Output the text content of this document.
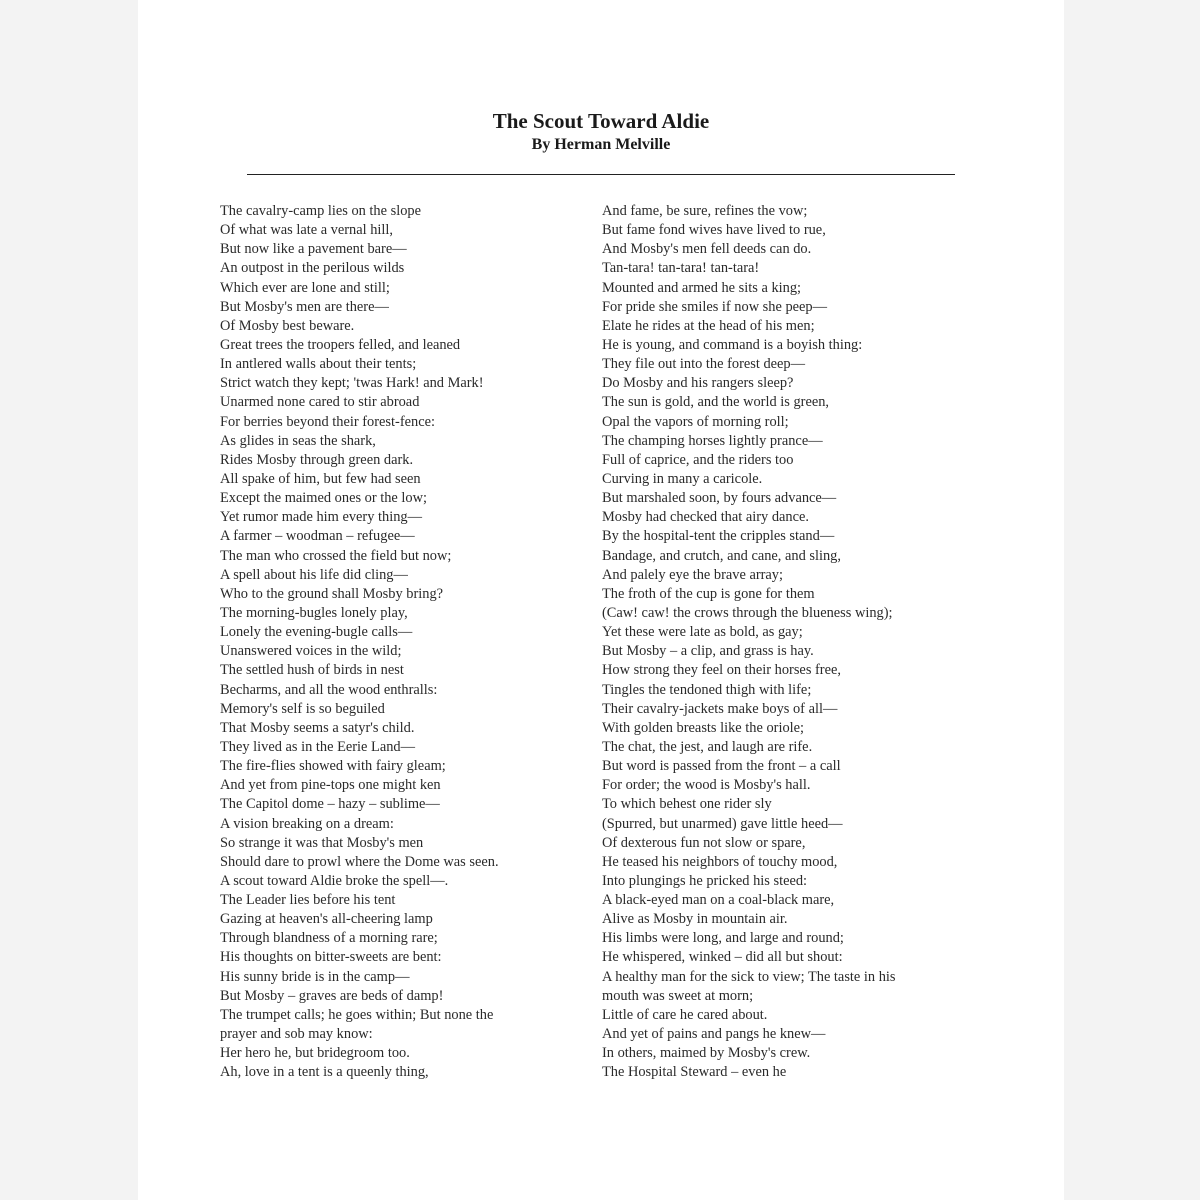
The Scout Toward Aldie
By Herman Melville
The cavalry-camp lies on the slope
Of what was late a vernal hill,
But now like a pavement bare—
An outpost in the perilous wilds
Which ever are lone and still;
But Mosby's men are there—
Of Mosby best beware.
Great trees the troopers felled, and leaned
In antlered walls about their tents;
Strict watch they kept; 'twas Hark! and Mark!
Unarmed none cared to stir abroad
For berries beyond their forest-fence:
As glides in seas the shark,
Rides Mosby through green dark.
All spake of him, but few had seen
Except the maimed ones or the low;
Yet rumor made him every thing—
A farmer – woodman – refugee—
The man who crossed the field but now;
A spell about his life did cling—
Who to the ground shall Mosby bring?
The morning-bugles lonely play,
Lonely the evening-bugle calls—
Unanswered voices in the wild;
The settled hush of birds in nest
Becharms, and all the wood enthralls:
Memory's self is so beguiled
That Mosby seems a satyr's child.
They lived as in the Eerie Land—
The fire-flies showed with fairy gleam;
And yet from pine-tops one might ken
The Capitol dome – hazy – sublime—
A vision breaking on a dream:
So strange it was that Mosby's men
Should dare to prowl where the Dome was seen.
A scout toward Aldie broke the spell—.
The Leader lies before his tent
Gazing at heaven's all-cheering lamp
Through blandness of a morning rare;
His thoughts on bitter-sweets are bent:
His sunny bride is in the camp—
But Mosby – graves are beds of damp!
The trumpet calls; he goes within; But none the
prayer and sob may know:
Her hero he, but bridegroom too.
Ah, love in a tent is a queenly thing,
And fame, be sure, refines the vow;
But fame fond wives have lived to rue,
And Mosby's men fell deeds can do.
Tan-tara! tan-tara! tan-tara!
Mounted and armed he sits a king;
For pride she smiles if now she peep—
Elate he rides at the head of his men;
He is young, and command is a boyish thing:
They file out into the forest deep—
Do Mosby and his rangers sleep?
The sun is gold, and the world is green,
Opal the vapors of morning roll;
The champing horses lightly prance—
Full of caprice, and the riders too
Curving in many a caricole.
But marshaled soon, by fours advance—
Mosby had checked that airy dance.
By the hospital-tent the cripples stand—
Bandage, and crutch, and cane, and sling,
And palely eye the brave array;
The froth of the cup is gone for them
(Caw! caw! the crows through the blueness wing);
Yet these were late as bold, as gay;
But Mosby – a clip, and grass is hay.
How strong they feel on their horses free,
Tingles the tendoned thigh with life;
Their cavalry-jackets make boys of all—
With golden breasts like the oriole;
The chat, the jest, and laugh are rife.
But word is passed from the front – a call
For order; the wood is Mosby's hall.
To which behest one rider sly
(Spurred, but unarmed) gave little heed—
Of dexterous fun not slow or spare,
He teased his neighbors of touchy mood,
Into plungings he pricked his steed:
A black-eyed man on a coal-black mare,
Alive as Mosby in mountain air.
His limbs were long, and large and round;
He whispered, winked – did all but shout:
A healthy man for the sick to view; The taste in his
mouth was sweet at morn;
Little of care he cared about.
And yet of pains and pangs he knew—
In others, maimed by Mosby's crew.
The Hospital Steward – even he
